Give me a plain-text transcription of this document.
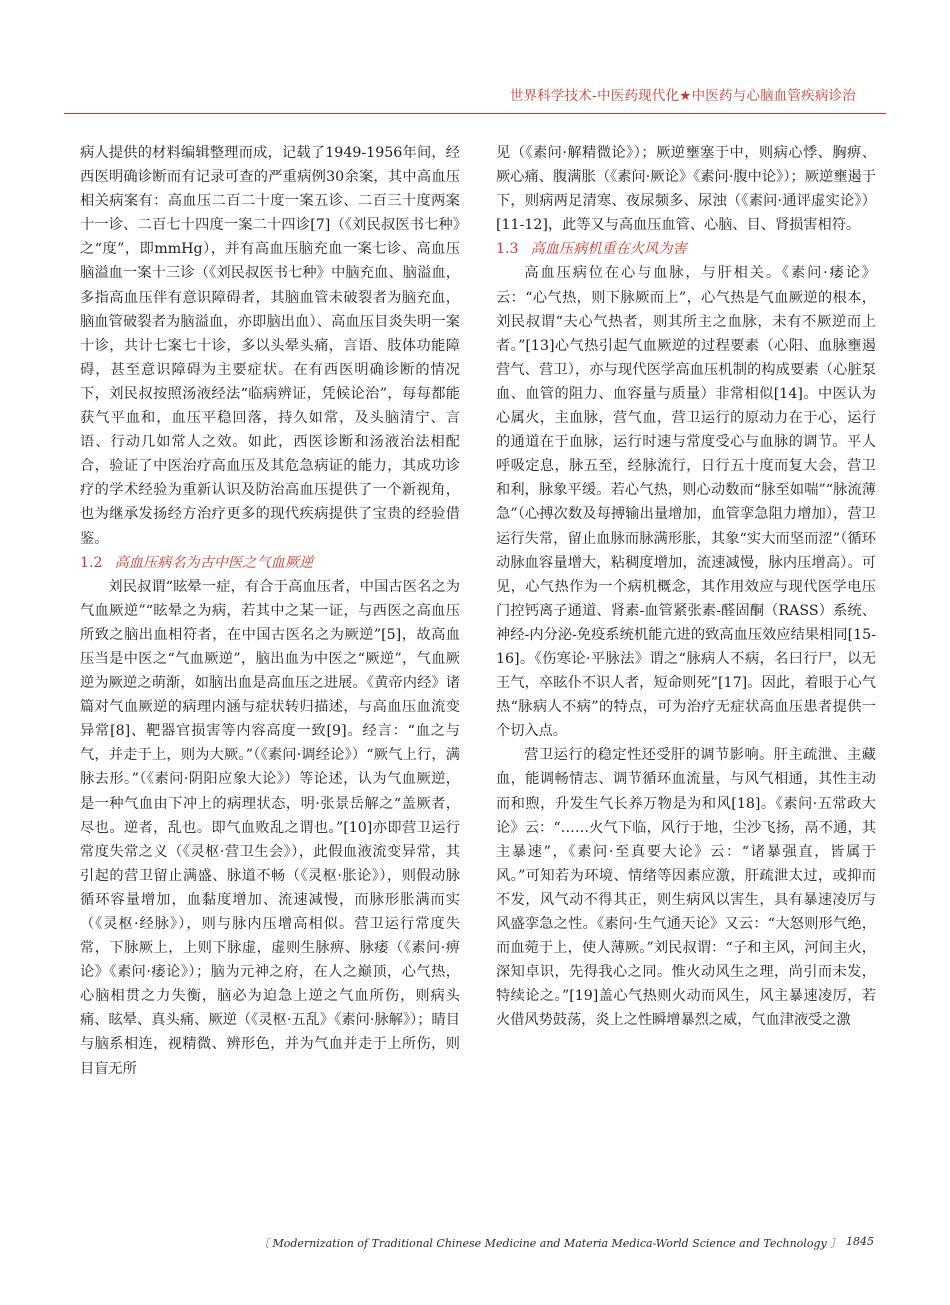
世界科学技术-中医药现代化★中医药与心脑血管疾病诊治

病人提供的材料编辑整理而成，记载了1949-1956年间，经西医明确诊断而有记录可查的严重病例30余案，其中高血压相关病案有：高血压二百二十度一案五诊、二百三十度两案十一诊、二百七十四度一案二十四诊[7]（《刘民叔医书七种》之“度”，即mmHg），并有高血压脑充血一案七诊、高血压脑溢血一案十三诊（《刘民叔医书七种》中脑充血、脑溢血，多指高血压伴有意识障碍者，其脑血管未破裂者为脑充血，脑血管破裂者为脑溢血，亦即脑出血）、高血压目炎失明一案十诊，共计七案七十诊，多以头晕头痛，言语、肢体功能障碍，甚至意识障碍为主要症状。在有西医明确诊断的情况下，刘民叔按照汤液经法“临病辨证，凭候论治”，每每都能获气平血和，血压平稳回落，持久如常，及头脑清宁、言语、行动几如常人之效。如此，西医诊断和汤液治法相配合，验证了中医治疗高血压及其危急病证的能力，其成功诊疗的学术经验为重新认识及防治高血压提供了一个新视角，也为继承发扬经方治疗更多的现代疾病提供了宝贵的经验借鉴。

1.2 高血压病名为古中医之气血厥逆

刘民叔谓“眩晕一症，有合于高血压者，中国古医名之为气血厥逆”“眩晕之为病，若其中之某一证，与西医之高血压所致之脑出血相符者，在中国古医名之为厥逆”[5]，故高血压当是中医之“气血厥逆”，脑出血为中医之“厥逆”，气血厥逆为厥逆之萌渐，如脑出血是高血压之进展。《黄帝内经》诸篇对气血厥逆的病理内涵与症状转归描述，与高血压血流变异常[8]、靶器官损害等内容高度一致[9]。经言：“血之与气，并走于上，则为大厥。”（《素问·调经论》）“厥气上行，满脉去形。”（《素问·阴阳应象大论》）等论述，认为气血厥逆，是一种气血由下冲上的病理状态，明·张景岳解之“盖厥者，尽也。逆者，乱也。即气血败乱之谓也。”[10]亦即营卫运行常度失常之义（《灵枢·营卫生会》），此假血液流变异常，其引起的营卫留止满盛、脉道不畅（《灵枢·胀论》），则假动脉循环容量增加，血黏度增加、流速减慢，而脉形胀满而实（《灵枢·经脉》），则与脉内压增高相似。营卫运行常度失常，下脉厥上，上则下脉虚，虚则生脉痹、脉痿（《素问·痹论》《素问·痿论》）；脑为元神之府，在人之巅顶，心气热，心脑相贯之力失衡，脑必为迫急上逆之气血所伤，则病头痛、眩晕、真头痛、厥逆（《灵枢·五乱》《素问·脉解》）；睛目与脑系相连，视精微、辨形色，并为气血并走于上所伤，则目盲无所

见（《素问·解精微论》）；厥逆壅塞于中，则病心悸、胸痹、厥心痛、腹满胀（《素问·厥论》《素问·腹中论》）；厥逆壅遏于下，则病两足清寒、夜尿频多、尿浊（《素问·通评虚实论》）[11-12]，此等又与高血压血管、心脑、目、肾损害相符。

1.3 高血压病机重在火风为害

高血压病位在心与血脉，与肝相关。《素问·痿论》云：“心气热，则下脉厥而上”，心气热是气血厥逆的根本，刘民叔谓“夫心气热者，则其所主之血脉，未有不厥逆而上者。”[13]心气热引起气血厥逆的过程要素（心阳、血脉壅遏营气、营卫），亦与现代医学高血压机制的构成要素（心脏泵血、血管的阻力、血容量与质量）非常相似[14]。中医认为心属火，主血脉，营气血，营卫运行的原动力在于心，运行的通道在于血脉，运行时速与常度受心与血脉的调节。平人呼吸定息，脉五至，经脉流行，日行五十度而复大会，营卫和利，脉象平缓。若心气热，则心动数而“脉至如喘”“脉流薄急”（心搏次数及每搏输出量增加，血管挛急阻力增加），营卫运行失常，留止血脉而脉满形胀，其象“实大而坚而涩”（循环动脉血容量增大，粘稠度增加，流速减慢，脉内压增高）。可见，心气热作为一个病机概念，其作用效应与现代医学电压门控钙离子通道、肾素-血管紧张素-醛固酮（RASS）系统、神经-内分泌-免疫系统机能亢进的致高血压效应结果相同[15-16]。《伤寒论·平脉法》谓之“脉病人不病，名曰行尸，以无王气，卒眩仆不识人者，短命则死”[17]。因此，着眼于心气热“脉病人不病”的特点，可为治疗无症状高血压患者提供一个切入点。

营卫运行的稳定性还受肝的调节影响。肝主疏泄、主藏血，能调畅情志、调节循环血流量，与风气相通，其性主动而和煦，升发生气长养万物是为和风[18]。《素问·五常政大论》云：“……火气下临，风行于地，尘沙飞扬，鬲不通，其主暴速”，《素问·至真要大论》云：“诸暴强直，皆属于风。”可知若为环境、情绪等因素应激，肝疏泄太过，或抑而不发，风气动不得其正，则生病风以害生，具有暴速凌厉与风盛挛急之性。《素问·生气通天论》又云：“大怒则形气绝，而血菀于上，使人薄厥。”刘民叔谓：“子和主风，河间主火，深知卓识，先得我心之同。惟火动风生之理，尚引而未发，特续论之。”[19]盖心气热则火动而风生，风主暴速凌厉，若火借风势鼓荡，炎上之性瞬增暴烈之威，气血津液受之激

〔 Modernization of Traditional Chinese Medicine and Materia Medica-World Science and Technology 〕 1845
